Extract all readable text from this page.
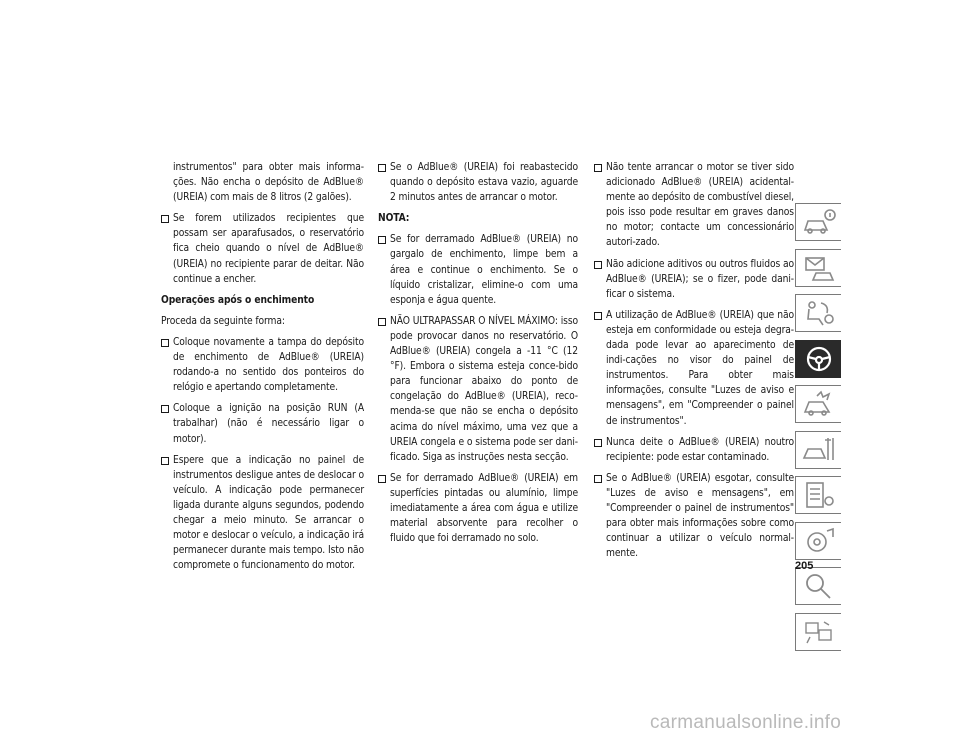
instrumentos" para obter mais informa-ções. Não encha o depósito de AdBlue® (UREIA) com mais de 8 litros (2 galões).

Se forem utilizados recipientes que possam ser aparafusados, o reservatório fica cheio quando o nível de AdBlue® (UREIA) no recipiente parar de deitar. Não continue a encher.

Operações após o enchimento

Proceda da seguinte forma:

Coloque novamente a tampa do depósito de enchimento de AdBlue® (UREIA) rodando-a no sentido dos ponteiros do relógio e apertando completamente.
Coloque a ignição na posição RUN (A trabalhar) (não é necessário ligar o motor).
Espere que a indicação no painel de instrumentos desligue antes de deslocar o veículo. A indicação pode permanecer ligada durante alguns segundos, podendo chegar a meio minuto. Se arrancar o motor e deslocar o veículo, a indicação irá permanecer durante mais tempo. Isto não compromete o funcionamento do motor.
Se o AdBlue® (UREIA) foi reabastecido quando o depósito estava vazio, aguarde 2 minutos antes de arrancar o motor.

NOTA:

Se for derramado AdBlue® (UREIA) no gargalo de enchimento, limpe bem a área e continue o enchimento. Se o líquido cristalizar, elimine-o com uma esponja e água quente.
NÃO ULTRAPASSAR O NÍVEL MÁXIMO: isso pode provocar danos no reservatório. O AdBlue® (UREIA) congela a -11 °C (12 °F). Embora o sistema esteja conce-bido para funcionar abaixo do ponto de congelação do AdBlue® (UREIA), reco-menda-se que não se encha o depósito acima do nível máximo, uma vez que a UREIA congela e o sistema pode ser dani-ficado. Siga as instruções nesta secção.
Se for derramado AdBlue® (UREIA) em superfícies pintadas ou alumínio, limpe imediatamente a área com água e utilize material absorvente para recolher o fluido que foi derramado no solo.
Não tente arrancar o motor se tiver sido adicionado AdBlue® (UREIA) acidental-mente ao depósito de combustível diesel, pois isso pode resultar em graves danos no motor; contacte um concessionário autori-zado.
Não adicione aditivos ou outros fluidos ao AdBlue® (UREIA); se o fizer, pode dani-ficar o sistema.
A utilização de AdBlue® (UREIA) que não esteja em conformidade ou esteja degra-dada pode levar ao aparecimento de indi-cações no visor do painel de instrumentos. Para obter mais informações, consulte "Luzes de aviso e mensagens", em "Compreender o painel de instrumentos".
Nunca deite o AdBlue® (UREIA) noutro recipiente: pode estar contaminado.
Se o AdBlue® (UREIA) esgotar, consulte "Luzes de aviso e mensagens", em "Compreender o painel de instrumentos" para obter mais informações sobre como continuar a utilizar o veículo normal-mente.
205
carmanualsonline.info
